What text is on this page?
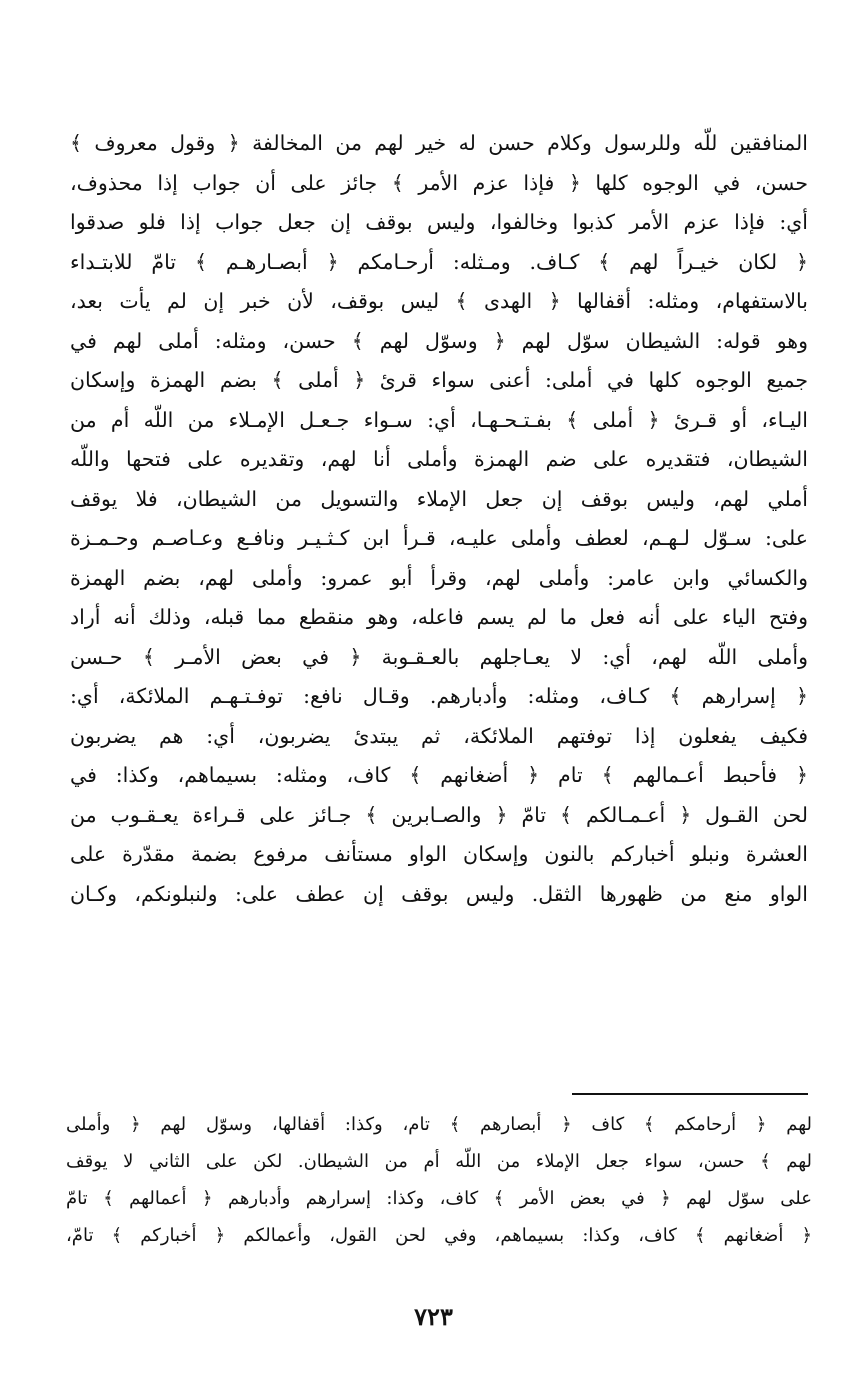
المنافقين للّه وللرسول وكلام حسن له خير لهم من المخالفة ﴿ وقول معروف ﴾
حسن، في الوجوه كلها ﴿ فإذا عزم الأمر ﴾ جائز على أن جواب إذا محذوف،
أي: فإذا عزم الأمر كذبوا وخالفوا، وليس بوقف إن جعل جواب إذا فلو صدقوا
﴿ لكان خيـراً لهم ﴾ كـاف. ومـثله: أرحـامكم ﴿ أبصـارهـم ﴾ تامّ للابتـداء
بالاستفهام، ومثله: أقفالها ﴿ الهدى ﴾ ليس بوقف، لأن خبر إن لم يأت بعد،
وهو قوله: الشيطان سوّل لهم ﴿ وسوّل لهم ﴾ حسن، ومثله: أملى لهم في
جميع الوجوه كلها في أملى: أعنى سواء قرئ ﴿ أملى ﴾ بضم الهمزة وإسكان
اليـاء، أو قـرئ ﴿ أملى ﴾ بفـتـحـهـا، أي: سـواء جـعـل الإمـلاء من اللّه أم من
الشيطان، فتقديره على ضم الهمزة وأملى أنا لهم، وتقديره على فتحها واللّه
أملي لهم، وليس بوقف إن جعل الإملاء والتسويل من الشيطان، فلا يوقف
على: سـوّل لـهـم، لعطف وأملى عليـه، قـرأ ابن كـثـيـر ونافـع وعـاصـم وحـمـزة
والكسائي وابن عامر: وأملى لهم، وقرأ أبو عمرو: وأملى لهم، بضم الهمزة
وفتح الياء على أنه فعل ما لم يسم فاعله، وهو منقطع مما قبله، وذلك أنه أراد
وأملى اللّه لهم، أي: لا يعـاجلهم بالعـقـوبة ﴿ في بعض الأمـر ﴾ حـسن
﴿ إسرارهم ﴾ كـاف، ومثله: وأدبارهم. وقـال نافع: توفـتـهـم الملائكة، أي:
فكيف يفعلون إذا توفتهم الملائكة، ثم يبتدئ يضربون، أي: هم يضربون
﴿ فأحبط أعـمالهم ﴾ تام ﴿ أضغانهم ﴾ كاف، ومثله: بسيماهم، وكذا: في
لحن القـول ﴿ أعـمـالكم ﴾ تامّ ﴿ والصـابرين ﴾ جـائز على قـراءة يعـقـوب من
العشرة ونبلو أخباركم بالنون وإسكان الواو مستأنف مرفوع بضمة مقدّرة على
الواو منع من ظهورها الثقل. وليس بوقف إن عطف على: ولنبلونكم، وكـان
لهم ﴿ أرحامكم ﴾ كاف ﴿ أبصارهم ﴾ تام، وكذا: أقفالها، وسوّل لهم ﴿ وأملى
لهم ﴾ حسن، سواء جعل الإملاء من اللّه أم من الشيطان. لكن على الثاني لا يوقف
على سوّل لهم ﴿ في بعض الأمر ﴾ كاف، وكذا: إسرارهم وأدبارهم ﴿ أعمالهم ﴾ تامّ
﴿ أضغانهم ﴾ كاف، وكذا: بسيماهم، وفي لحن القول، وأعمالكم ﴿ أخباركم ﴾ تامّ،
٧٢٣
